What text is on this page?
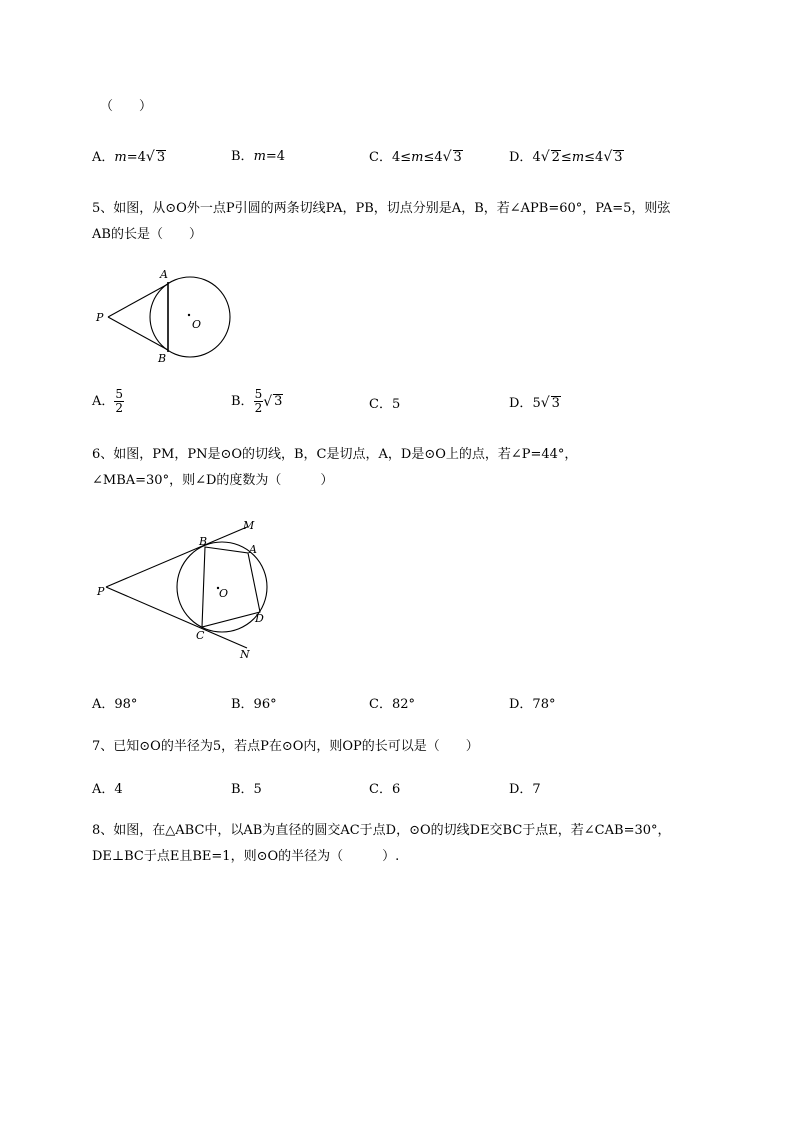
（　　）
A．m=4√ 3	B．m=4	C．4≤m≤4√ 3	D．4√ 2≤m≤4√ 3
5、如图，从⊙O外一点P引圆的两条切线PA，PB，切点分别是A，B，若∠APB=60°，PA=5，则弦
AB的长是（　　）
A
B
P
O
A． $\frac{5}{2}$	B． $\frac{5}{2}$ √ 3	C．5	D．5√ 3
6、如图，PM，PN是⊙O的切线，B，C是切点，A，D是⊙O上的点，若∠P=44°，
∠MBA=30°，则∠D的度数为（　　　）
M
B
A
P	O
D
C
N
A．98°	B．96°	C．82°	D．78°
7、已知⊙O的半径为5，若点P在⊙O内，则OP的长可以是（　　）
A．4	B．5	C．6	D．7
8、如图，在△ABC中，以AB为直径的圆交AC于点D，⊙O的切线DE交BC于点E，若∠CAB=30°，
DE⊥BC于点E且BE=1，则⊙O的半径为（　　　）.
